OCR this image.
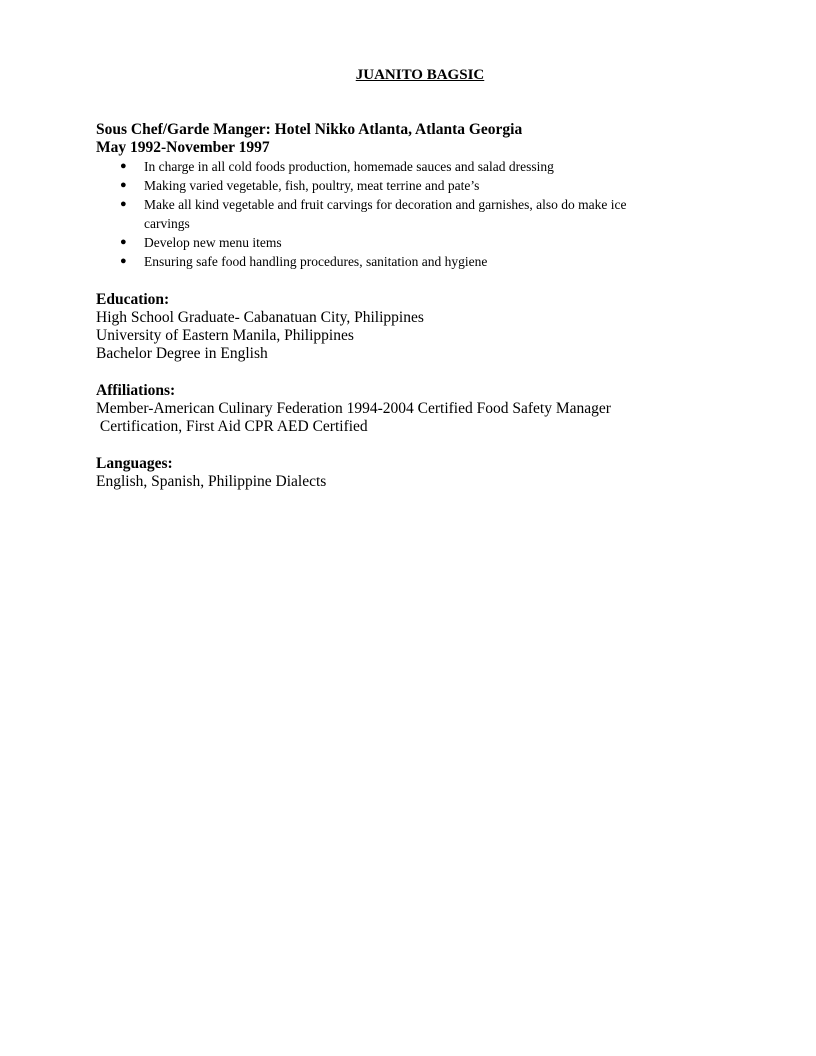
JUANITO BAGSIC
Sous Chef/Garde Manger: Hotel Nikko Atlanta, Atlanta Georgia
May 1992-November 1997
● In charge in all cold foods production, homemade sauces and salad dressing
● Making varied vegetable, fish, poultry, meat terrine and pate’s
● Make all kind vegetable and fruit carvings for decoration and garnishes, also do make ice
carvings
● Develop new menu items
● Ensuring safe food handling procedures, sanitation and hygiene
Education:
High School Graduate- Cabanatuan City, Philippines
University of Eastern Manila, Philippines
Bachelor Degree in English
Affiliations:
Member-American Culinary Federation 1994-2004 Certified Food Safety Manager
Certification, First Aid CPR AED Certified
Languages:
English, Spanish, Philippine Dialects
